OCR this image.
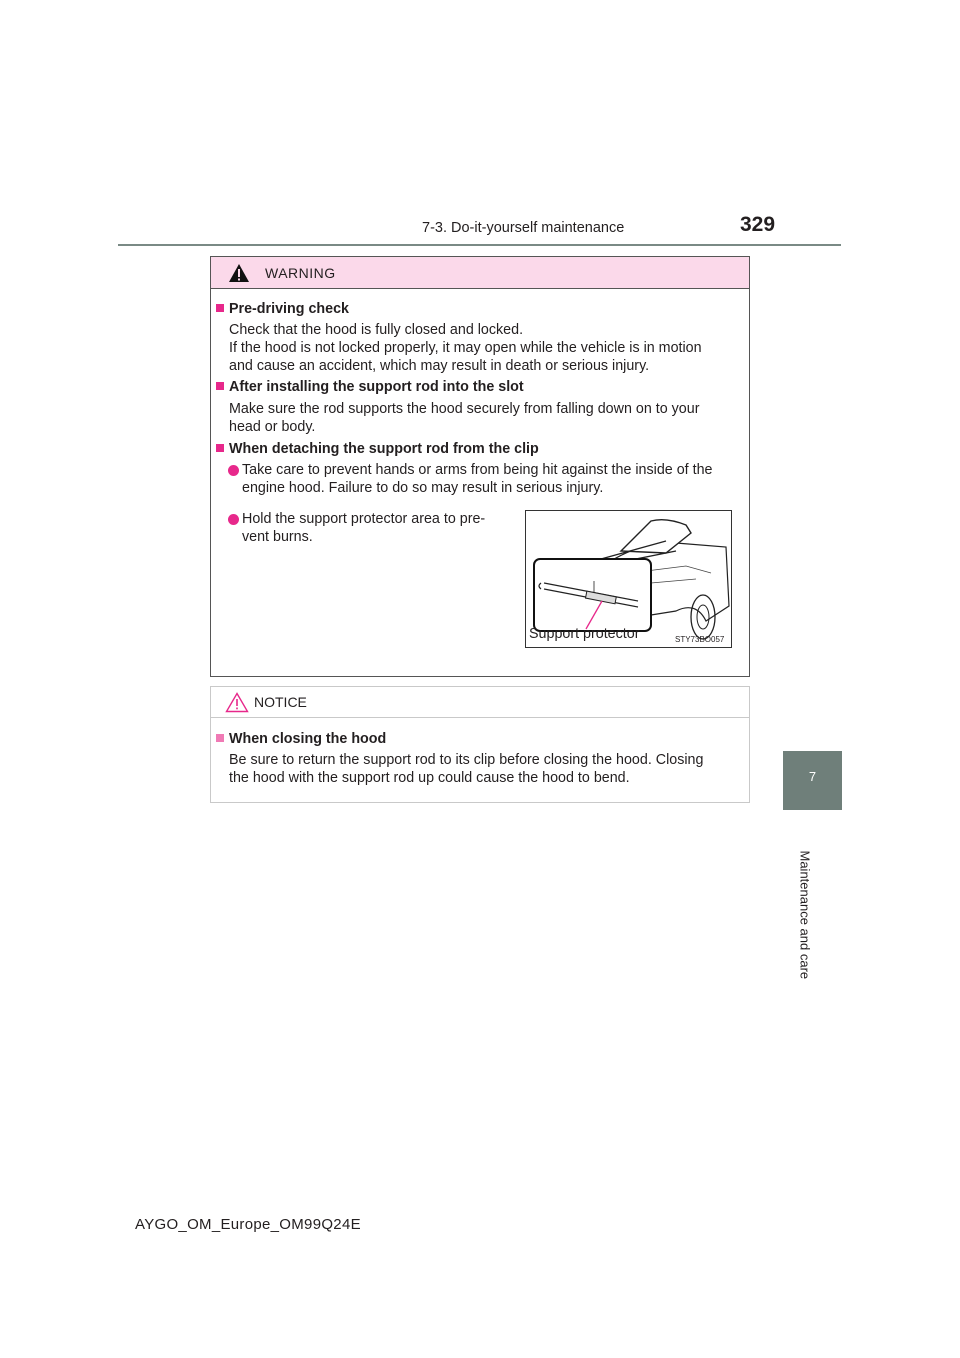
7-3. Do-it-yourself maintenance	329
7
Maintenance and care
WARNING
Pre-driving check
Check that the hood is fully closed and locked.
If the hood is not locked properly, it may open while the vehicle is in motion
and cause an accident, which may result in death or serious injury.
After installing the support rod into the slot
Make sure the rod supports the hood securely from falling down on to your
head or body.
When detaching the support rod from the clip
Take care to prevent hands or arms from being hit against the inside of the
engine hood. Failure to do so may result in serious injury.
Hold the support protector area to pre-
vent burns.
Support protector	STY73BO057
NOTICE
When closing the hood
Be sure to return the support rod to its clip before closing the hood. Closing
the hood with the support rod up could cause the hood to bend.
AYGO_OM_Europe_OM99Q24E
